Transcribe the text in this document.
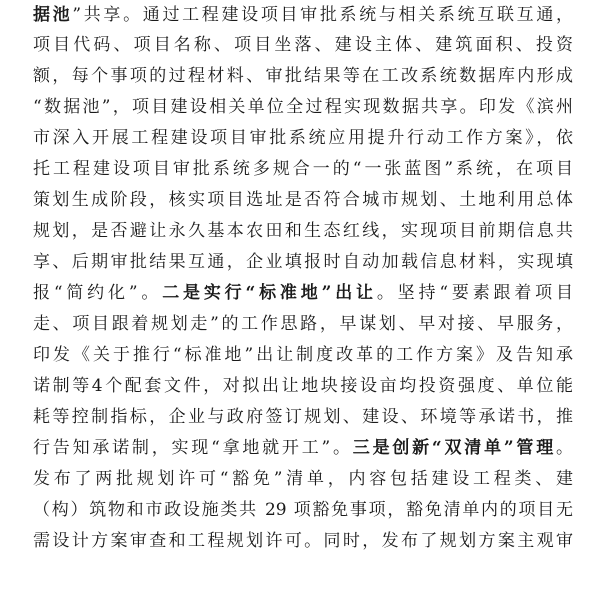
据池”共享。通过工程建设项目审批系统与相关系统互联互通，
项目代码、项目名称、项目坐落、建设主体、建筑面积、投资
额，每个事项的过程材料、审批结果等在工改系统数据库内形成
“数据池”，项目建设相关单位全过程实现数据共享。印发《滨州
市深入开展工程建设项目审批系统应用提升行动工作方案》，依
托工程建设项目审批系统多规合一的“一张蓝图”系统，在项目
策划生成阶段，核实项目选址是否符合城市规划、土地利用总体
规划，是否避让永久基本农田和生态红线，实现项目前期信息共
享、后期审批结果互通，企业填报时自动加载信息材料，实现填
报“简约化”。二是实行“标准地”出让。坚持“要素跟着项目
走、项目跟着规划走”的工作思路，早谋划、早对接、早服务，
印发《关于推行“标准地”出让制度改革的工作方案》及告知承
诺制等4个配套文件，对拟出让地块接设亩均投资强度、单位能
耗等控制指标，企业与政府签订规划、建设、环境等承诺书，推
行告知承诺制，实现“拿地就开工”。三是创新“双清单”管理。
发布了两批规划许可“豁免”清单，内容包括建设工程类、建
（构）筑物和市政设施类共 29 项豁免事项，豁免清单内的项目无
需设计方案审查和工程规划许可。同时，发布了规划方案主观审
